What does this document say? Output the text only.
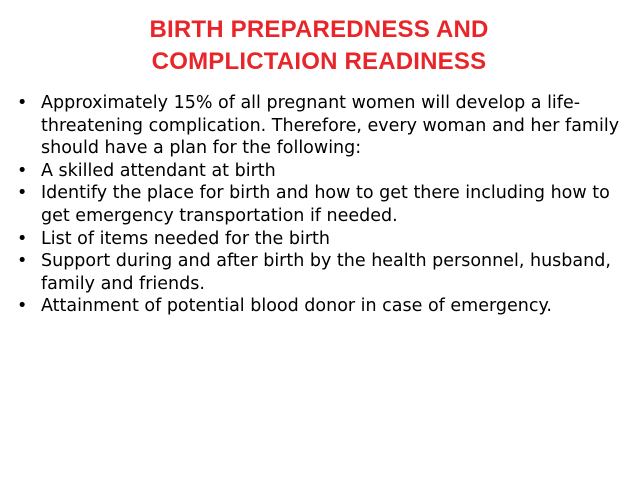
BIRTH PREPAREDNESS AND
COMPLICTAION READINESS
• Approximately 15% of all pregnant women will develop a life-threatening complication. Therefore, every woman and her family should have a plan for the following:
• A skilled attendant at birth
• Identify the place for birth and how to get there including how to get emergency transportation if needed.
• List of items needed for the birth
• Support during and after birth by the health personnel, husband, family and friends.
• Attainment of potential blood donor in case of emergency.
